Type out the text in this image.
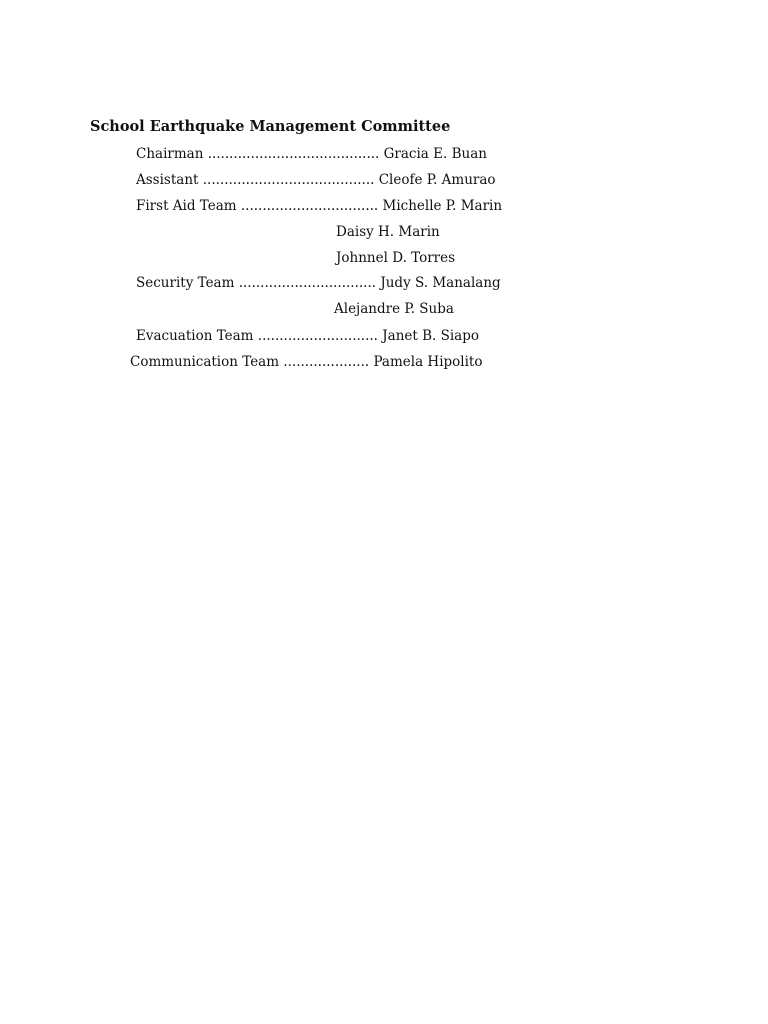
School Earthquake Management Committee
Chairman ........................................ Gracia E. Buan
Assistant ........................................ Cleofe P. Amurao
First Aid Team ................................ Michelle P. Marin
Daisy H. Marin
Johnnel D. Torres
Security Team ................................ Judy S. Manalang
Alejandre P. Suba
Evacuation Team ............................ Janet B. Siapo
Communication Team .................... Pamela Hipolito
